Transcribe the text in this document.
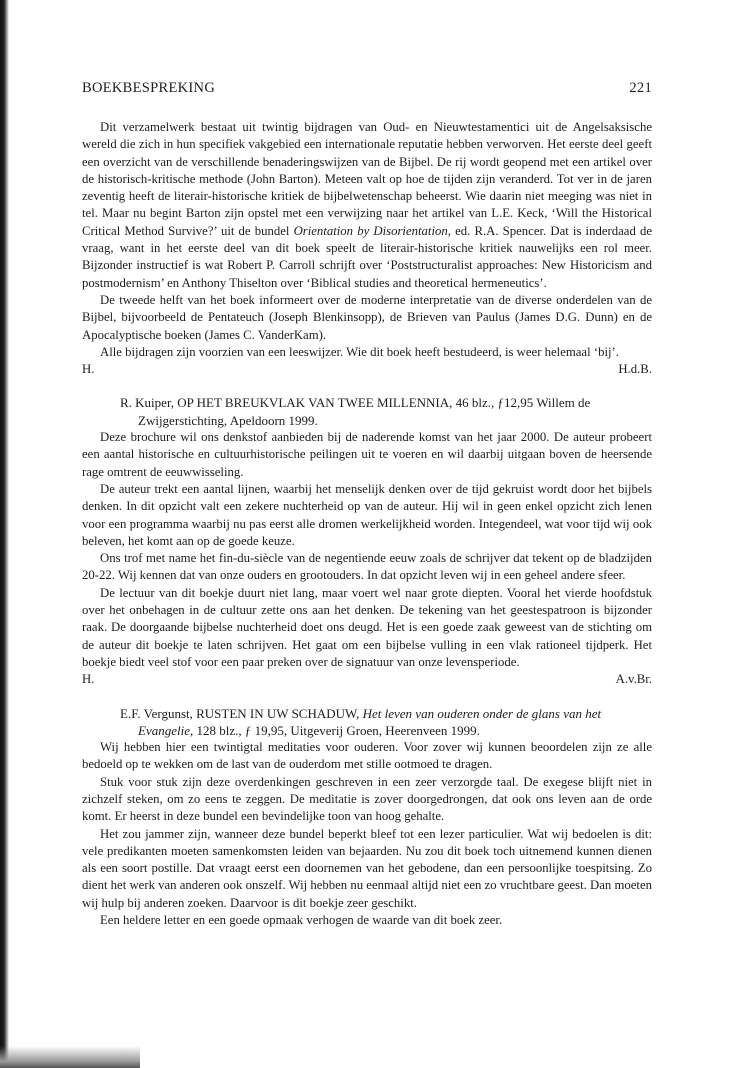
BOEKBESPREKING	221

Dit verzamelwerk bestaat uit twintig bijdragen van Oud- en Nieuwtestamentici uit de Angelsaksische wereld die zich in hun specifiek vakgebied een internationale reputatie hebben verworven. Het eerste deel geeft een overzicht van de verschillende benaderingswijzen van de Bijbel. De rij wordt geopend met een artikel over de historisch-kritische methode (John Barton). Meteen valt op hoe de tijden zijn veranderd. Tot ver in de jaren zeventig heeft de literair-historische kritiek de bijbelwetenschap beheerst. Wie daarin niet meeging was niet in tel. Maar nu begint Barton zijn opstel met een verwijzing naar het artikel van L.E. Keck, ‘Will the Historical Critical Method Survive?’ uit de bundel Orientation by Disorientation, ed. R.A. Spencer. Dat is inderdaad de vraag, want in het eerste deel van dit boek speelt de literair-historische kritiek nauwelijks een rol meer. Bijzonder instructief is wat Robert P. Carroll schrijft over ‘Poststructuralist approaches: New Historicism and postmodernism’ en Anthony Thiselton over ‘Biblical studies and theoretical hermeneutics’.

De tweede helft van het boek informeert over de moderne interpretatie van de diverse onderdelen van de Bijbel, bijvoorbeeld de Pentateuch (Joseph Blenkinsopp), de Brieven van Paulus (James D.G. Dunn) en de Apocalyptische boeken (James C. VanderKam).

Alle bijdragen zijn voorzien van een leeswijzer. Wie dit boek heeft bestudeerd, is weer helemaal ‘bij’.

H.	H.d.B.
R. Kuiper, OP HET BREUKVLAK VAN TWEE MILLENNIA, 46 blz., ƒ12,95 Willem de
Zwijgerstichting, Apeldoorn 1999.

Deze brochure wil ons denkstof aanbieden bij de naderende komst van het jaar 2000. De auteur probeert een aantal historische en cultuurhistorische peilingen uit te voeren en wil daarbij uitgaan boven de heersende rage omtrent de eeuwwisseling.

De auteur trekt een aantal lijnen, waarbij het menselijk denken over de tijd gekruist wordt door het bijbels denken. In dit opzicht valt een zekere nuchterheid op van de auteur. Hij wil in geen enkel opzicht zich lenen voor een programma waarbij nu pas eerst alle dromen werkelijkheid worden. Integendeel, wat voor tijd wij ook beleven, het komt aan op de goede keuze.

Ons trof met name het fin-du-siècle van de negentiende eeuw zoals de schrijver dat tekent op de bladzijden 20-22. Wij kennen dat van onze ouders en grootouders. In dat opzicht leven wij in een geheel andere sfeer.

De lectuur van dit boekje duurt niet lang, maar voert wel naar grote diepten. Vooral het vierde hoofdstuk over het onbehagen in de cultuur zette ons aan het denken. De tekening van het geestespatroon is bijzonder raak. De doorgaande bijbelse nuchterheid doet ons deugd. Het is een goede zaak geweest van de stichting om de auteur dit boekje te laten schrijven. Het gaat om een bijbelse vulling in een vlak rationeel tijdperk. Het boekje biedt veel stof voor een paar preken over de signatuur van onze levensperiode.

H.	A.v.Br.
E.F. Vergunst, RUSTEN IN UW SCHADUW, Het leven van ouderen onder de glans van het
Evangelie, 128 blz., ƒ 19,95, Uitgeverij Groen, Heerenveen 1999.

Wij hebben hier een twintigtal meditaties voor ouderen. Voor zover wij kunnen beoordelen zijn ze alle bedoeld op te wekken om de last van de ouderdom met stille ootmoed te dragen.

Stuk voor stuk zijn deze overdenkingen geschreven in een zeer verzorgde taal. De exegese blijft niet in zichzelf steken, om zo eens te zeggen. De meditatie is zover doorgedrongen, dat ook ons leven aan de orde komt. Er heerst in deze bundel een bevindelijke toon van hoog gehalte.

Het zou jammer zijn, wanneer deze bundel beperkt bleef tot een lezer particulier. Wat wij bedoelen is dit: vele predikanten moeten samenkomsten leiden van bejaarden. Nu zou dit boek toch uitnemend kunnen dienen als een soort postille. Dat vraagt eerst een doornemen van het gebodene, dan een persoonlijke toespitsing. Zo dient het werk van anderen ook onszelf. Wij hebben nu eenmaal altijd niet een zo vruchtbare geest. Dan moeten wij hulp bij anderen zoeken. Daarvoor is dit boekje zeer geschikt.

Een heldere letter en een goede opmaak verhogen de waarde van dit boek zeer.
